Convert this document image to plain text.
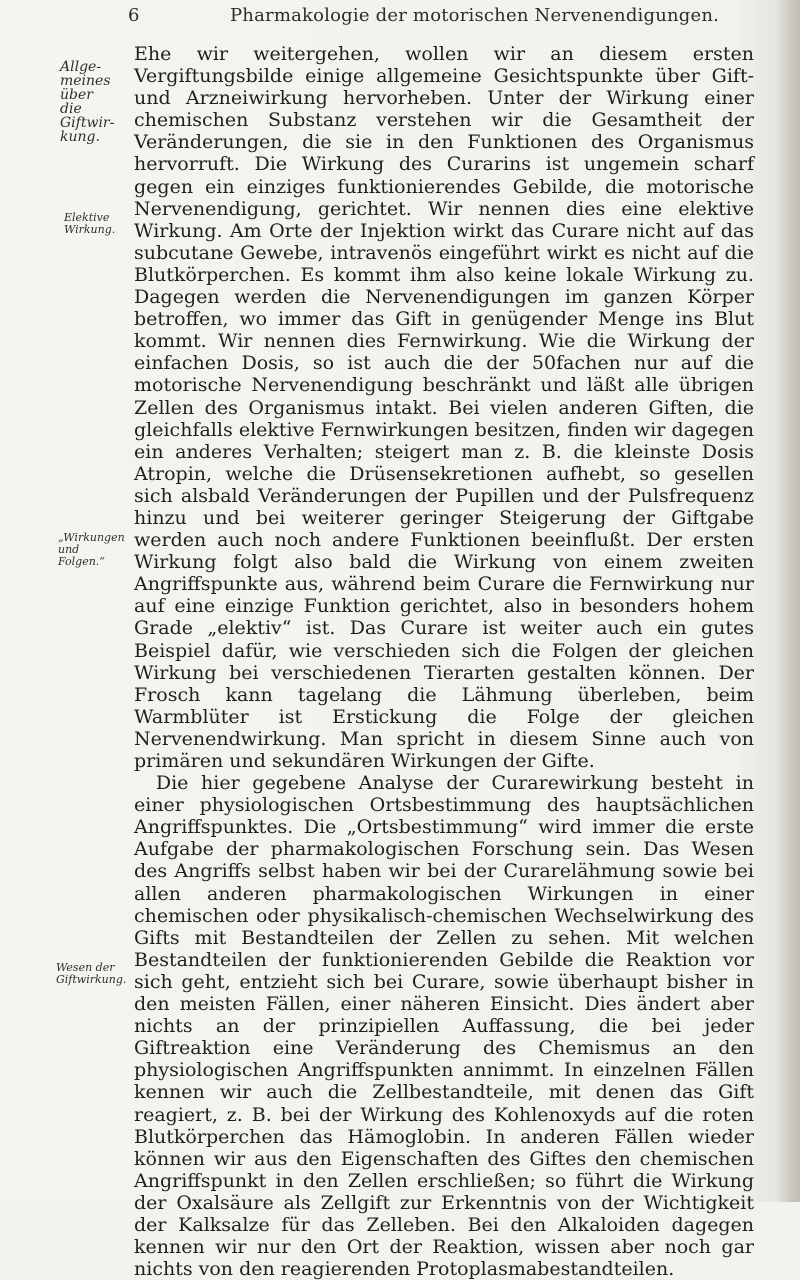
6	Pharmakologie der motorischen Nervenendigungen.
Allge-
meines
über die
Giftwir-
kung.
Elektive
Wirkung.
„Wirkungen
und Folgen.“
Wesen der
Giftwirkung.

Ehe wir weitergehen, wollen wir an diesem ersten Vergiftungsbilde einige allgemeine Gesichtspunkte über Gift- und Arzneiwirkung hervorheben. Unter der Wirkung einer chemischen Substanz verstehen wir die Gesamtheit der Veränderungen, die sie in den Funktionen des Organismus hervorruft. Die Wirkung des Curarins ist ungemein scharf gegen ein einziges funktionierendes Gebilde, die motorische Nervenendigung, gerichtet. Wir nennen dies eine elektive Wirkung. Am Orte der Injektion wirkt das Curare nicht auf das subcutane Gewebe, intravenös eingeführt wirkt es nicht auf die Blutkörperchen. Es kommt ihm also keine lokale Wirkung zu. Dagegen werden die Nervenendigungen im ganzen Körper betroffen, wo immer das Gift in genügender Menge ins Blut kommt. Wir nennen dies Fernwirkung. Wie die Wirkung der einfachen Dosis, so ist auch die der 50fachen nur auf die motorische Nervenendigung beschränkt und läßt alle übrigen Zellen des Organismus intakt. Bei vielen anderen Giften, die gleichfalls elektive Fernwirkungen besitzen, finden wir dagegen ein anderes Verhalten; steigert man z. B. die kleinste Dosis Atropin, welche die Drüsensekretionen aufhebt, so gesellen sich alsbald Veränderungen der Pupillen und der Pulsfrequenz hinzu und bei weiterer geringer Steigerung der Giftgabe werden auch noch andere Funktionen beeinflußt. Der ersten Wirkung folgt also bald die Wirkung von einem zweiten Angriffspunkte aus, während beim Curare die Fernwirkung nur auf eine einzige Funktion gerichtet, also in besonders hohem Grade „elektiv“ ist. Das Curare ist weiter auch ein gutes Beispiel dafür, wie verschieden sich die Folgen der gleichen Wirkung bei verschiedenen Tierarten gestalten können. Der Frosch kann tagelang die Lähmung überleben, beim Warmblüter ist Erstickung die Folge der gleichen Nervenendwirkung. Man spricht in diesem Sinne auch von primären und sekundären Wirkungen der Gifte.

Die hier gegebene Analyse der Curarewirkung besteht in einer physiologischen Ortsbestimmung des hauptsächlichen Angriffspunktes. Die „Ortsbestimmung“ wird immer die erste Aufgabe der pharmakologischen Forschung sein. Das Wesen des Angriffs selbst haben wir bei der Curarelähmung sowie bei allen anderen pharmakologischen Wirkungen in einer chemischen oder physikalisch-chemischen Wechselwirkung des Gifts mit Bestandteilen der Zellen zu sehen. Mit welchen Bestandteilen der funktionierenden Gebilde die Reaktion vor sich geht, entzieht sich bei Curare, sowie überhaupt bisher in den meisten Fällen, einer näheren Einsicht. Dies ändert aber nichts an der prinzipiellen Auffassung, die bei jeder Giftreaktion eine Veränderung des Chemismus an den physiologischen Angriffspunkten annimmt. In einzelnen Fällen kennen wir auch die Zellbestandteile, mit denen das Gift reagiert, z. B. bei der Wirkung des Kohlenoxyds auf die roten Blutkörperchen das Hämoglobin. In anderen Fällen wieder können wir aus den Eigenschaften des Giftes den chemischen Angriffspunkt in den Zellen erschließen; so führt die Wirkung der Oxalsäure als Zellgift zur Erkenntnis von der Wichtigkeit der Kalksalze für das Zelleben. Bei den Alkaloiden dagegen kennen wir nur den Ort der Reaktion, wissen aber noch gar nichts von den reagierenden Protoplasmabestandteilen.
